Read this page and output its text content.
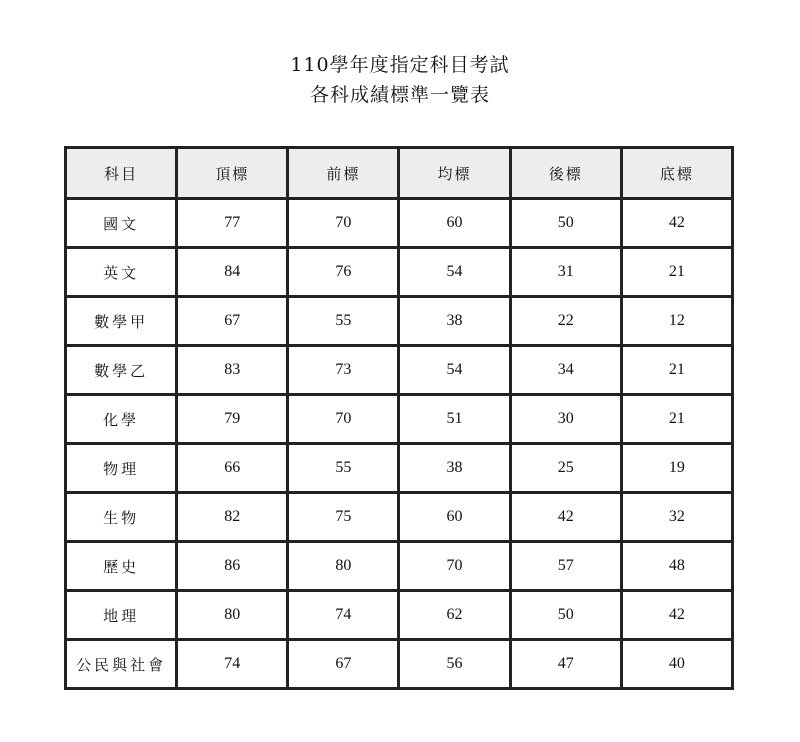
110學年度指定科目考試
各科成績標準一覽表
科目	頂標	前標	均標	後標	底標
國文	77	70	60	50	42
英文	84	76	54	31	21
數學甲	67	55	38	22	12
數學乙	83	73	54	34	21
化學	79	70	51	30	21
物理	66	55	38	25	19
生物	82	75	60	42	32
歷史	86	80	70	57	48
地理	80	74	62	50	42
公民與社會	74	67	56	47	40
